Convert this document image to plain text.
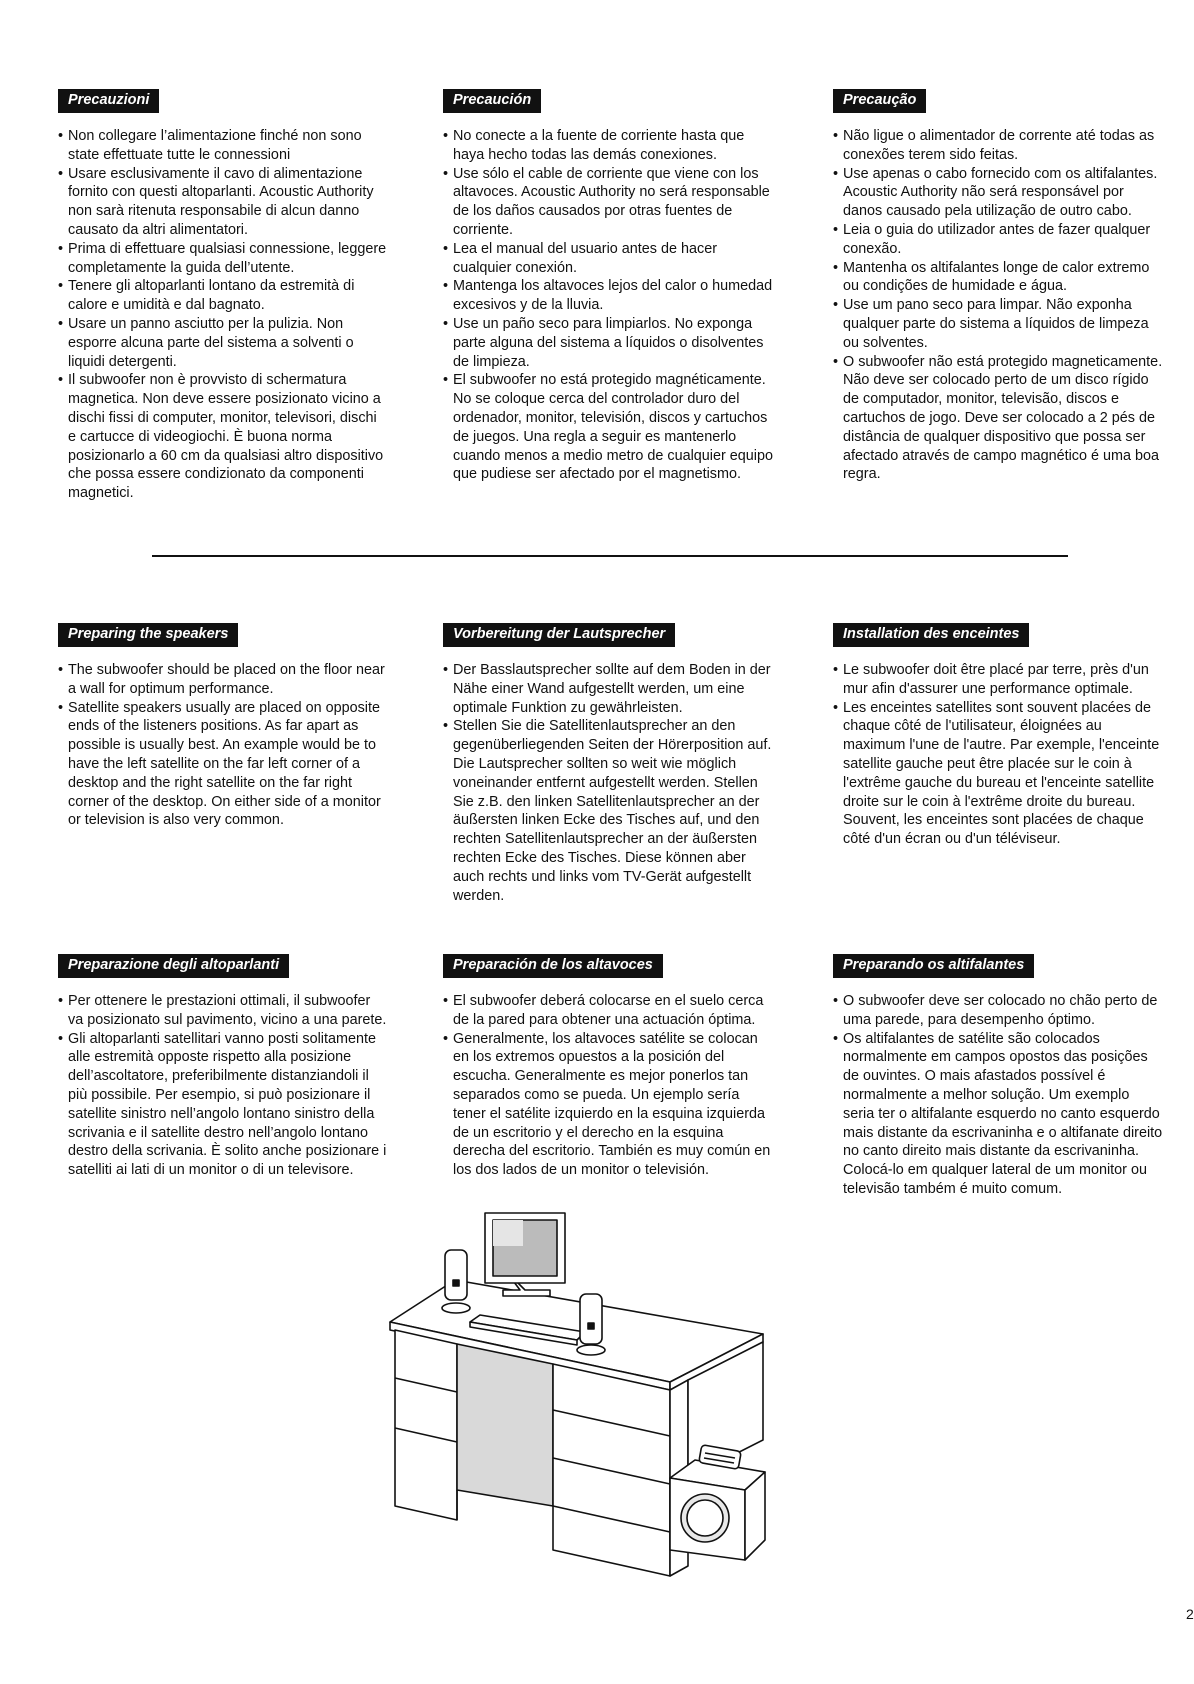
Precauzioni
• Non collegare l’alimentazione finché non sono state effettuate tutte le connessioni
• Usare esclusivamente il cavo di alimentazione fornito con questi altoparlanti. Acoustic Authority non sarà ritenuta responsabile di alcun danno causato da altri alimentatori.
• Prima di effettuare qualsiasi connessione, leggere completamente la guida dell’utente.
• Tenere gli altoparlanti lontano da estremità di calore e umidità e dal bagnato.
• Usare un panno asciutto per la pulizia. Non esporre alcuna parte del sistema a solventi o liquidi detergenti.
• Il subwoofer non è provvisto di schermatura magnetica. Non deve essere posizionato vicino a dischi fissi di computer, monitor, televisori, dischi e cartucce di videogiochi. È buona norma posizionarlo a 60 cm da qualsiasi altro dispositivo che possa essere condizionato da componenti magnetici.
Precaución
• No conecte a la fuente de corriente hasta que haya hecho todas las demás conexiones.
• Use sólo el cable de corriente que viene con los altavoces. Acoustic Authority no será responsable de los daños causados por otras fuentes de corriente.
• Lea el manual del usuario antes de hacer cualquier conexión.
• Mantenga los altavoces lejos del calor o humedad excesivos y de la lluvia.
• Use un paño seco para limpiarlos. No exponga parte alguna del sistema a líquidos o disolventes de limpieza.
• El subwoofer no está protegido magnéticamente. No se coloque cerca del controlador duro del ordenador, monitor, televisión, discos y cartuchos de juegos. Una regla a seguir es mantenerlo cuando menos a medio metro de cualquier equipo que pudiese ser afectado por el magnetismo.
Precaução
• Não ligue o alimentador de corrente até todas as conexões terem sido feitas.
• Use apenas o cabo fornecido com os altifalantes. Acoustic Authority não será responsável por danos causado pela utilização de outro cabo.
• Leia o guia do utilizador antes de fazer qualquer conexão.
• Mantenha os altifalantes longe de calor extremo ou condições de humidade e água.
• Use um pano seco para limpar. Não exponha qualquer parte do sistema a líquidos de limpeza ou solventes.
• O subwoofer não está protegido magneticamente. Não deve ser colocado perto de um disco rígido de computador, monitor, televisão, discos e cartuchos de jogo. Deve ser colocado a 2 pés de distância de qualquer dispositivo que possa ser afectado através de campo magnético é uma boa regra.
Preparing the speakers
• The subwoofer should be placed on the floor near a wall for optimum performance.
• Satellite speakers usually are placed on opposite ends of the listeners positions. As far apart as possible is usually best. An example would be to have the left satellite on the far left corner of a desktop and the right satellite on the far right corner of the desktop. On either side of a monitor or television is also very common.
Vorbereitung der Lautsprecher
• Der Basslautsprecher sollte auf dem Boden in der Nähe einer Wand aufgestellt werden, um eine optimale Funktion zu gewährleisten.
• Stellen Sie die Satellitenlautsprecher an den gegenüberliegenden Seiten der Hörerposition auf. Die Lautsprecher sollten so weit wie möglich voneinander entfernt aufgestellt werden. Stellen Sie z.B. den linken Satellitenlautsprecher an der äußersten linken Ecke des Tisches auf, und den rechten Satellitenlautsprecher an der äußersten rechten Ecke des Tisches. Diese können aber auch rechts und links vom TV-Gerät aufgestellt werden.
Installation des enceintes
• Le subwoofer doit être placé par terre, près d'un mur afin d'assurer une performance optimale.
• Les enceintes satellites sont souvent placées de chaque côté de l'utilisateur, éloignées au maximum l'une de l'autre. Par exemple, l'enceinte satellite gauche peut être placée sur le coin à l'extrême gauche du bureau et l'enceinte satellite droite sur le coin à l'extrême droite du bureau. Souvent, les enceintes sont placées de chaque côté d'un écran ou d'un téléviseur.
Preparazione degli altoparlanti
• Per ottenere le prestazioni ottimali, il subwoofer va posizionato sul pavimento, vicino a una parete.
• Gli altoparlanti satellitari vanno posti solitamente alle estremità opposte rispetto alla posizione dell’ascoltatore, preferibilmente distanziandoli il più possibile. Per esempio, si può posizionare il satellite sinistro nell’angolo lontano sinistro della scrivania e il satellite destro nell’angolo lontano destro della scrivania. È solito anche posizionare i satelliti ai lati di un monitor o di un televisore.
Preparación de los altavoces
• El subwoofer deberá colocarse en el suelo cerca de la pared para obtener una actuación óptima.
• Generalmente, los altavoces satélite se colocan en los extremos opuestos a la posición del escucha. Generalmente es mejor ponerlos tan separados como se pueda. Un ejemplo sería tener el satélite izquierdo en la esquina izquierda de un escritorio y el derecho en la esquina derecha del escritorio. También es muy común en los dos lados de un monitor o televisión.
Preparando os altifalantes
• O subwoofer deve ser colocado no chão perto de uma parede, para desempenho óptimo.
• Os altifalantes de satélite são colocados normalmente em campos opostos das posições de ouvintes. O mais afastados possível é normalmente a melhor solução. Um exemplo seria ter o altifalante esquerdo no canto esquerdo mais distante da escrivaninha e o altifanate direito no canto direito mais distante da escrivaninha. Colocá-lo em qualquer lateral de um monitor ou televisão também é muito comum.
2
